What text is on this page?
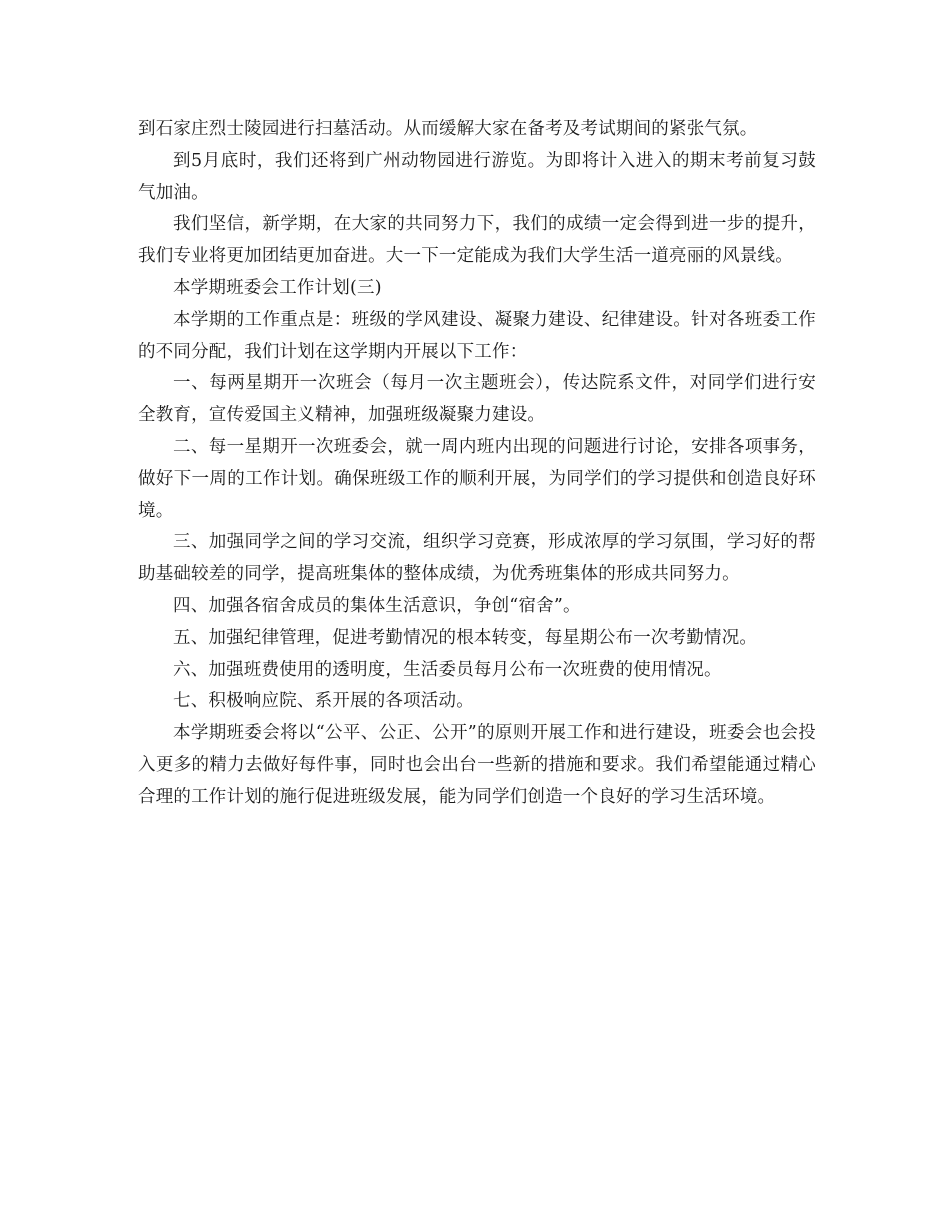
到石家庄烈士陵园进行扫墓活动。从而缓解大家在备考及考试期间的紧张气氛。

到5月底时，我们还将到广州动物园进行游览。为即将计入进入的期末考前复习鼓气加油。

我们坚信，新学期，在大家的共同努力下，我们的成绩一定会得到进一步的提升，我们专业将更加团结更加奋进。大一下一定能成为我们大学生活一道亮丽的风景线。

本学期班委会工作计划(三)

本学期的工作重点是：班级的学风建设、凝聚力建设、纪律建设。针对各班委工作的不同分配，我们计划在这学期内开展以下工作：

一、每两星期开一次班会（每月一次主题班会），传达院系文件，对同学们进行安全教育，宣传爱国主义精神，加强班级凝聚力建设。

二、每一星期开一次班委会，就一周内班内出现的问题进行讨论，安排各项事务，做好下一周的工作计划。确保班级工作的顺利开展，为同学们的学习提供和创造良好环境。

三、加强同学之间的学习交流，组织学习竞赛，形成浓厚的学习氛围，学习好的帮助基础较差的同学，提高班集体的整体成绩，为优秀班集体的形成共同努力。

四、加强各宿舍成员的集体生活意识，争创“宿舍”。

五、加强纪律管理，促进考勤情况的根本转变，每星期公布一次考勤情况。

六、加强班费使用的透明度，生活委员每月公布一次班费的使用情况。

七、积极响应院、系开展的各项活动。

本学期班委会将以“公平、公正、公开”的原则开展工作和进行建设，班委会也会投入更多的精力去做好每件事，同时也会出台一些新的措施和要求。我们希望能通过精心合理的工作计划的施行促进班级发展，能为同学们创造一个良好的学习生活环境。
